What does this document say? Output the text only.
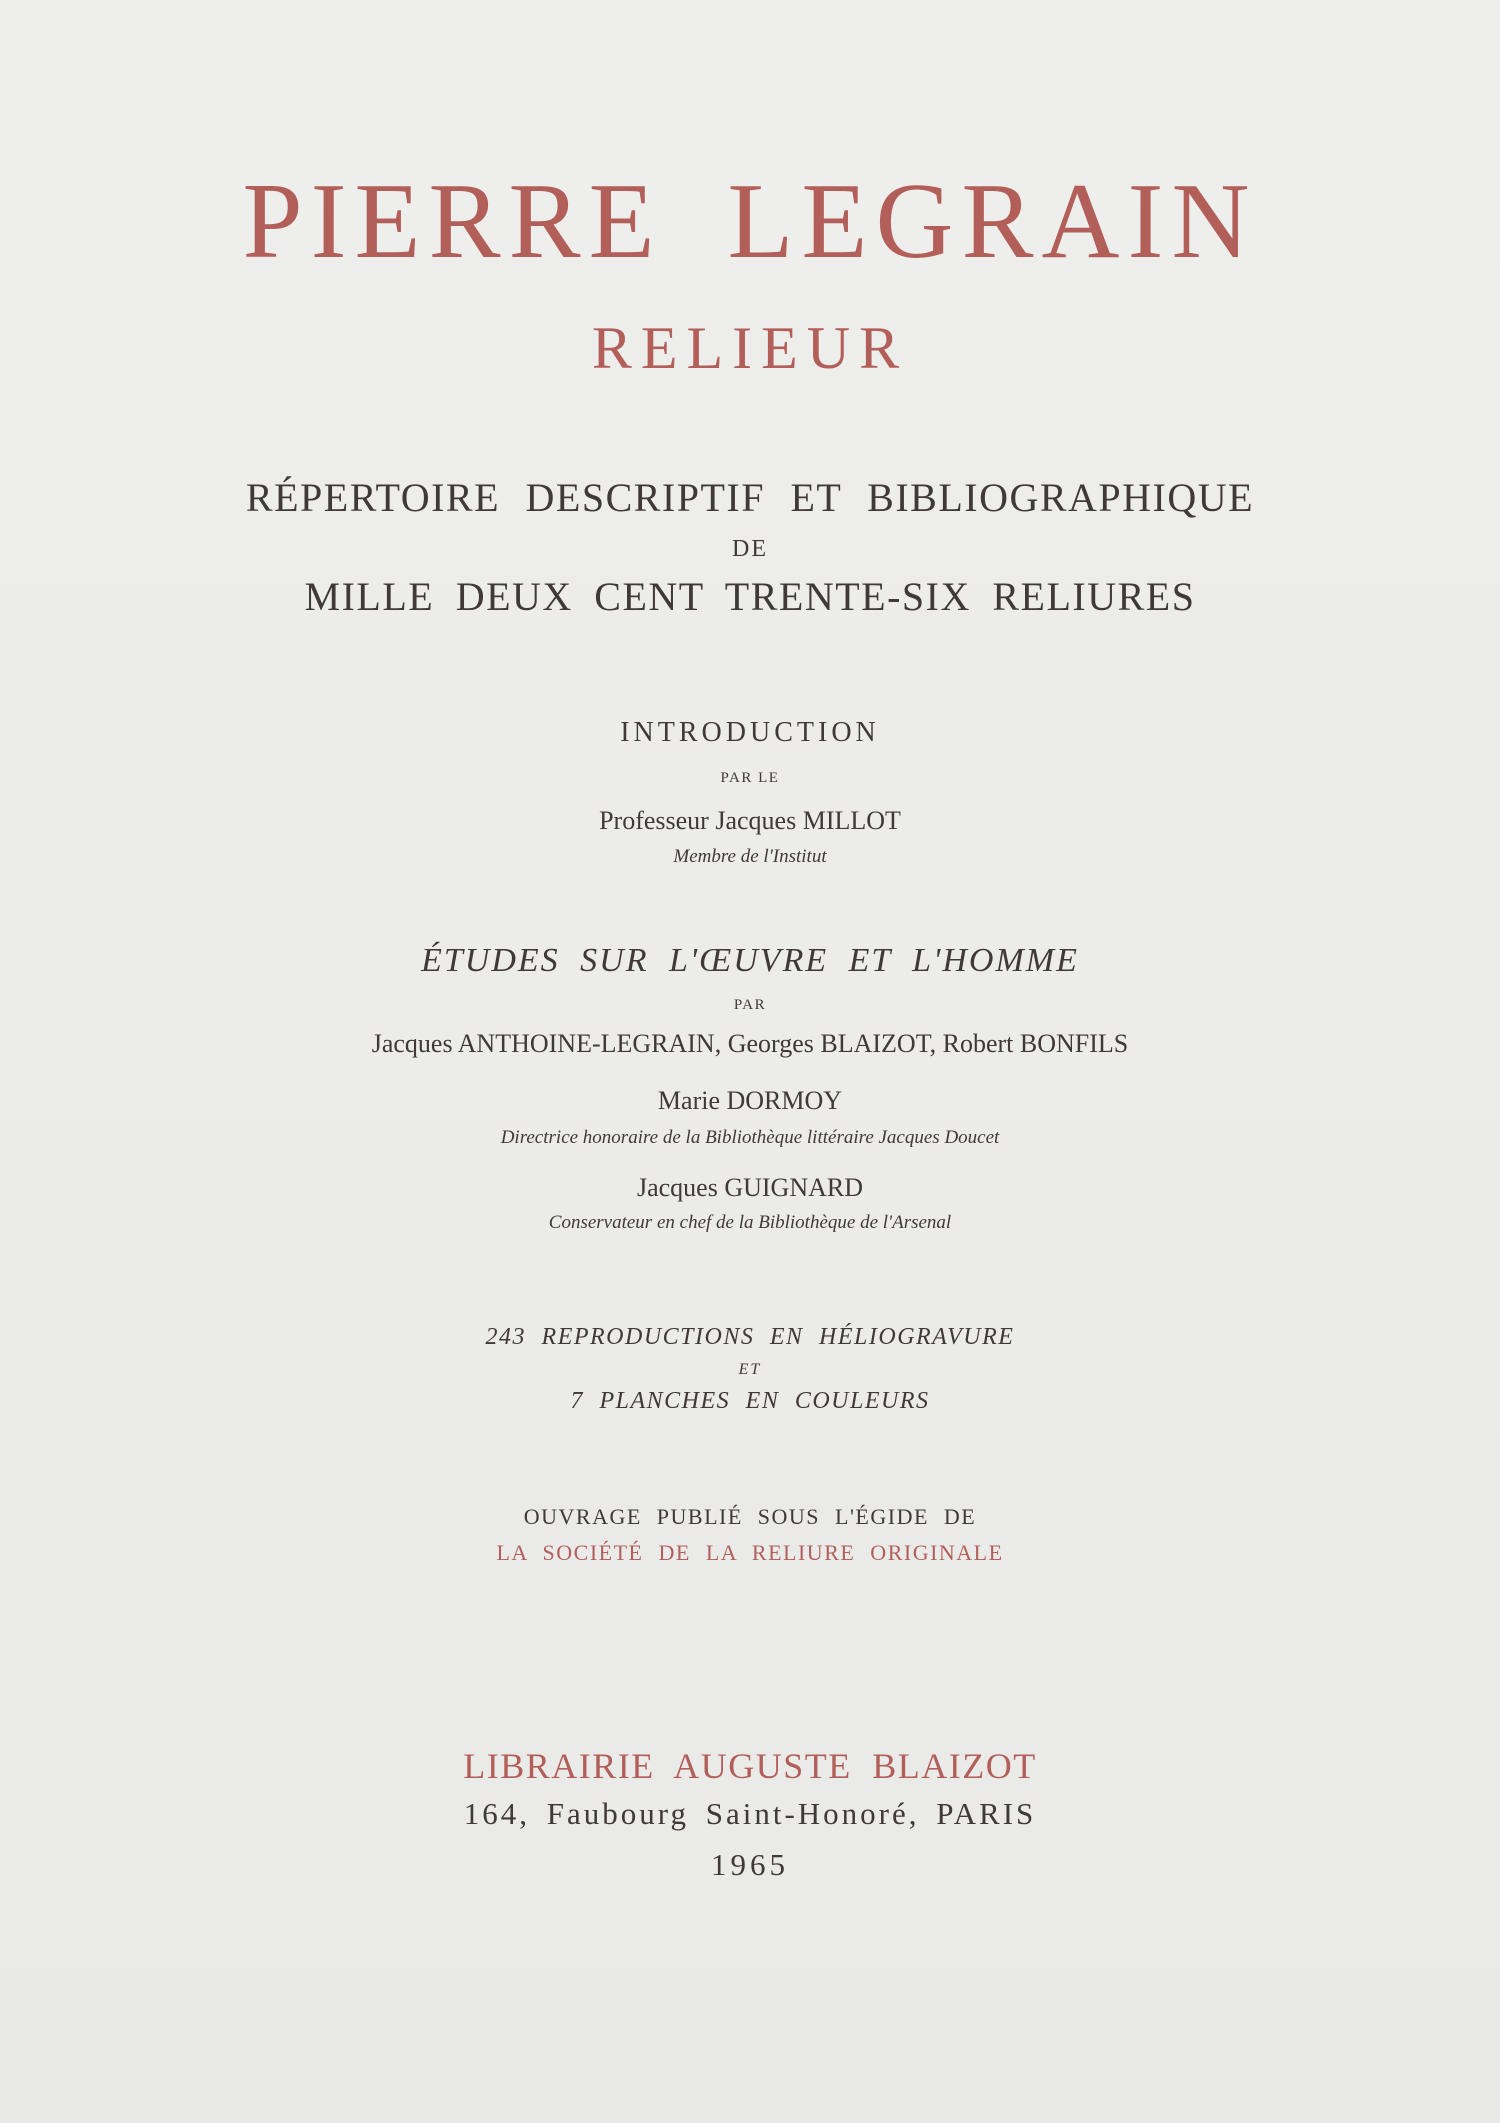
PIERRE LEGRAIN
RELIEUR
RÉPERTOIRE DESCRIPTIF ET BIBLIOGRAPHIQUE
DE
MILLE DEUX CENT TRENTE-SIX RELIURES
INTRODUCTION
PAR LE
Professeur Jacques MILLOT
Membre de l'Institut
ÉTUDES SUR L'ŒUVRE ET L'HOMME
PAR
Jacques ANTHOINE-LEGRAIN, Georges BLAIZOT, Robert BONFILS
Marie DORMOY
Directrice honoraire de la Bibliothèque littéraire Jacques Doucet
Jacques GUIGNARD
Conservateur en chef de la Bibliothèque de l'Arsenal
243 REPRODUCTIONS EN HÉLIOGRAVURE
ET
7 PLANCHES EN COULEURS
OUVRAGE PUBLIÉ SOUS L'ÉGIDE DE
LA SOCIÉTÉ DE LA RELIURE ORIGINALE
LIBRAIRIE AUGUSTE BLAIZOT
164, Faubourg Saint-Honoré, PARIS
1965
